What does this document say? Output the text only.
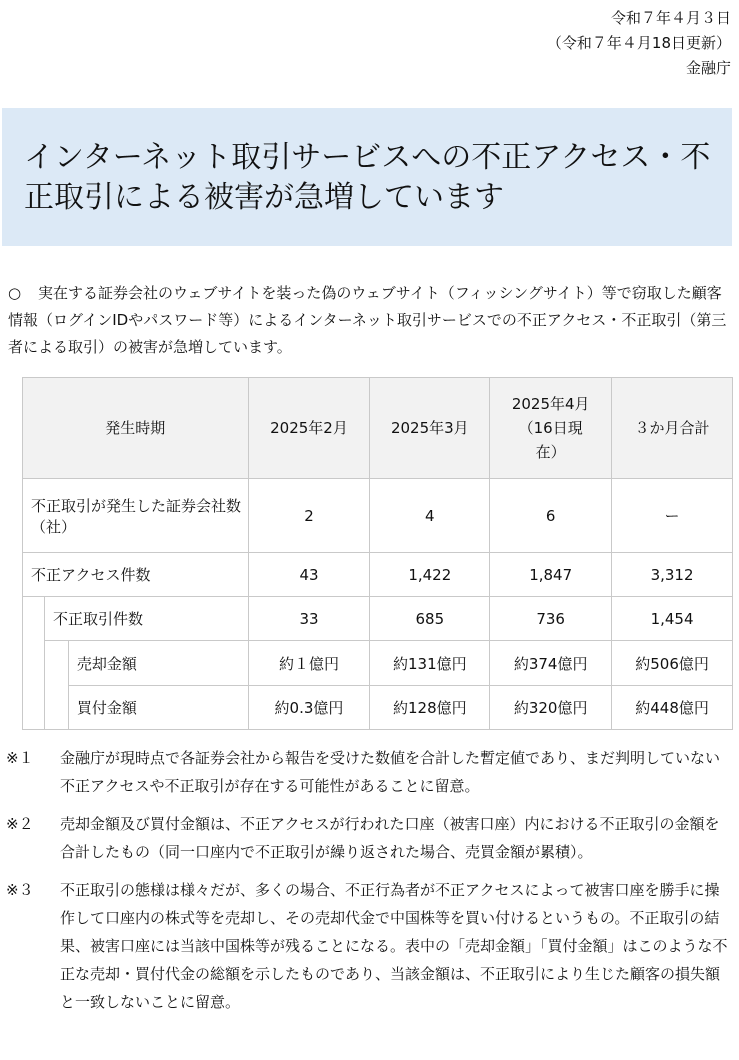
令和７年４月３日
（令和７年４月18日更新）
金融庁
インターネット取引サービスへの不正アクセス・不正取引による被害が急増しています
○ 実在する証券会社のウェブサイトを装った偽のウェブサイト（フィッシングサイト）等で窃取した顧客情報（ログインIDやパスワード等）によるインターネット取引サービスでの不正アクセス・不正取引（第三者による取引）の被害が急増しています。
発生時期			2025年2月	2025年3月	2025年4月（16日現在）	３か月合計
不正取引が発生した証券会社数（社）			2	4	6	ー
不正アクセス件数			43	1,422	1,847	3,312
	不正取引件数		33	685	736	1,454
		売却金額	約１億円	約131億円	約374億円	約506億円
		買付金額	約0.3億円	約128億円	約320億円	約448億円
※１	金融庁が現時点で各証券会社から報告を受けた数値を合計した暫定値であり、まだ判明していない不正アクセスや不正取引が存在する可能性があることに留意。
※２	売却金額及び買付金額は、不正アクセスが行われた口座（被害口座）内における不正取引の金額を合計したもの（同一口座内で不正取引が繰り返された場合、売買金額が累積）。
※３	不正取引の態様は様々だが、多くの場合、不正行為者が不正アクセスによって被害口座を勝手に操作して口座内の株式等を売却し、その売却代金で中国株等を買い付けるというもの。不正取引の結果、被害口座には当該中国株等が残ることになる。表中の「売却金額」「買付金額」はこのような不正な売却・買付代金の総額を示したものであり、当該金額は、不正取引により生じた顧客の損失額と一致しないことに留意。
